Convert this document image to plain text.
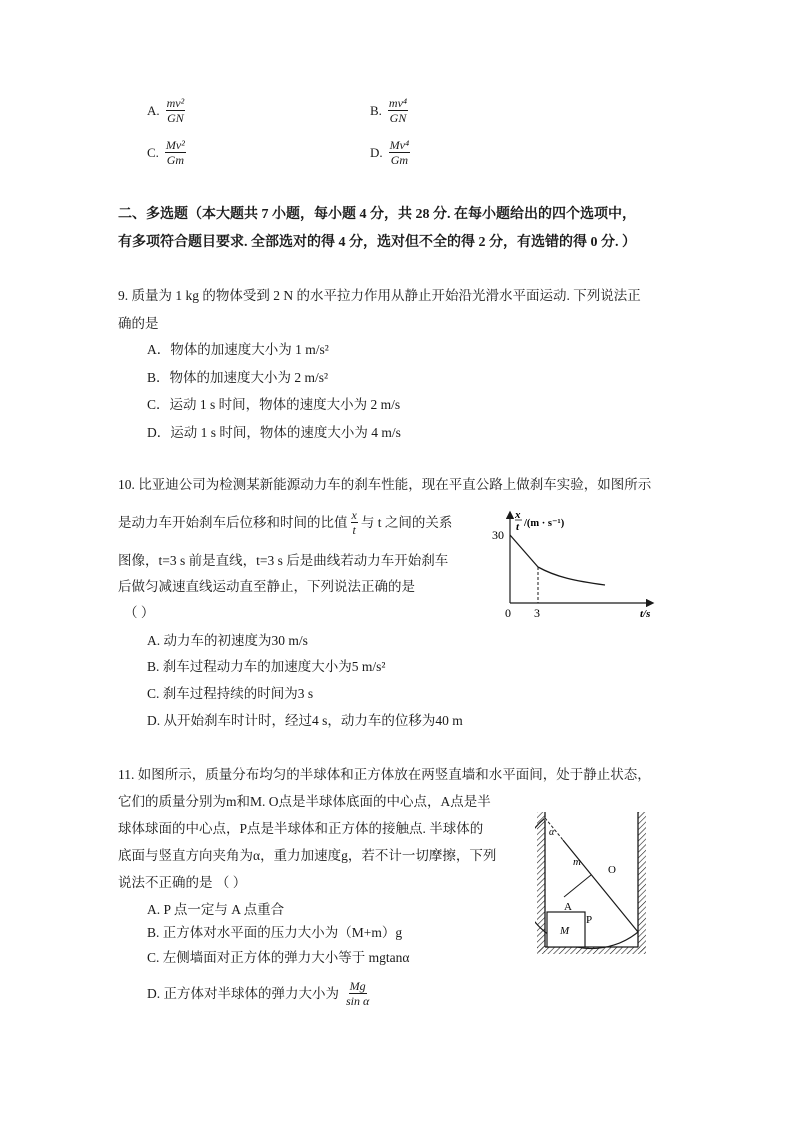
A. $\frac{\text{mv²}}{GN}$	B. $\frac{\text{mv⁴}}{GN}$
C. $\frac{\text{Mv²}}{Gm}$	D. $\frac{\text{Mv⁴}}{Gm}$
二、多选题（本大题共 7 小题，每小题 4 分，共 28 分. 在每小题给出的四个选项中，
有多项符合题目要求. 全部选对的得 4 分，选对但不全的得 2 分，有选错的得 0 分. ）
9. 质量为 1 kg 的物体受到 2 N 的水平拉力作用从静止开始沿光滑水平面运动. 下列说法正
确的是
A．物体的加速度大小为 1 m/s²
B．物体的加速度大小为 2 m/s²
C．运动 1 s 时间，物体的速度大小为 2 m/s
D．运动 1 s 时间，物体的速度大小为 4 m/s
10. 比亚迪公司为检测某新能源动力车的刹车性能，现在平直公路上做刹车实验，如图所示
是动力车开始刹车后位移和时间的比值 $\frac{x}{t}$ 与 t 之间的关系
图像，t=3 s 前是直线，t=3 s 后是曲线若动力车开始刹车
后做匀减速直线运动直至静止，下列说法正确的是
（ ）
A. 动力车的初速度为30 m/s
B. 刹车过程动力车的加速度大小为5 m/s²
C. 刹车过程持续的时间为3 s
D. 从开始刹车时计时，经过4 s，动力车的位移为40 m
x
t /(m · s⁻¹)
30
0 3	t/s
11. 如图所示，质量分布均匀的半球体和正方体放在两竖直墙和水平面间，处于静止状态，
它们的质量分别为m和M. O点是半球体底面的中心点，A点是半
球体球面的中心点，P点是半球体和正方体的接触点. 半球体的
底面与竖直方向夹角为α，重力加速度g，若不计一切摩擦，下列
说法不正确的是 （ ）
A. P 点一定与 A 点重合
B. 正方体对水平面的压力大小为（M+m）g
C. 左侧墙面对正方体的弹力大小等于 mgtanα
D. 正方体对半球体的弹力大小为 $\frac{Mg}{\text{sin α}}$
α
m
O
A
P
M
